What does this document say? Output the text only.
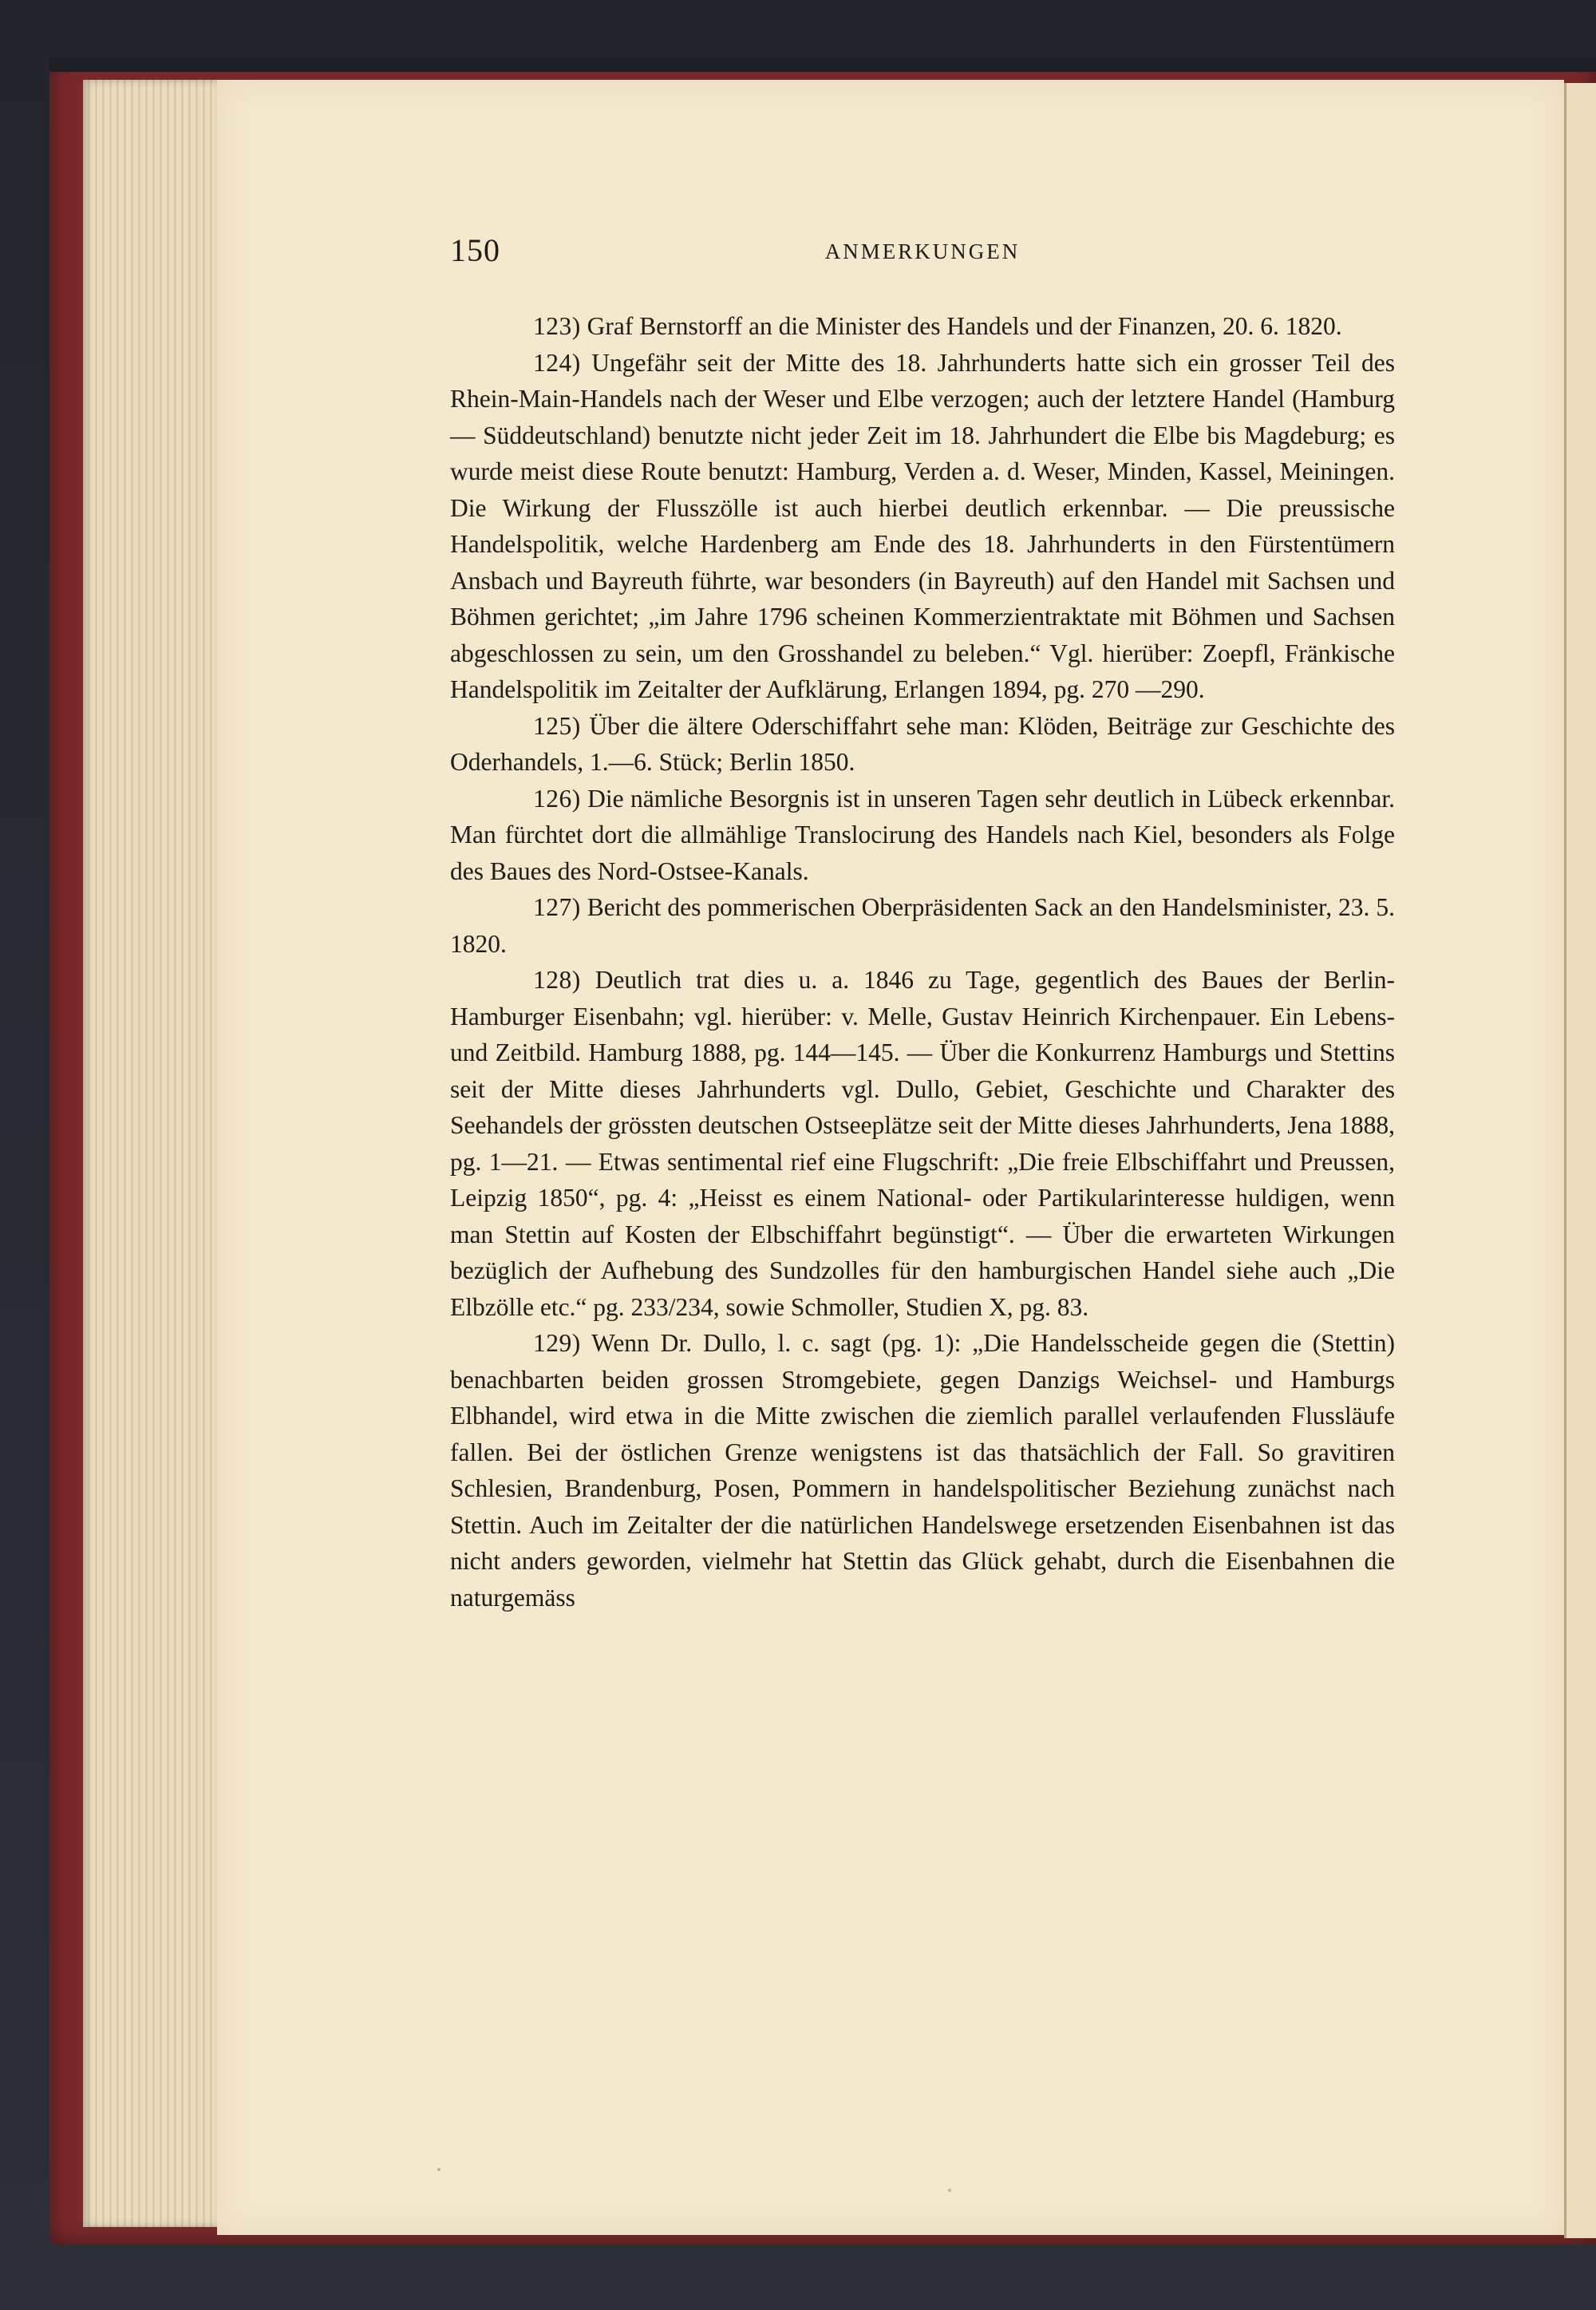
150	ANMERKUNGEN

123) Graf Bernstorff an die Minister des Handels und der Finanzen, 20. 6. 1820.

124) Ungefähr seit der Mitte des 18. Jahrhunderts hatte sich ein grosser Teil des Rhein-Main-Handels nach der Weser und Elbe verzogen; auch der letztere Handel (Hamburg — Süddeutschland) benutzte nicht jeder Zeit im 18. Jahrhundert die Elbe bis Magdeburg; es wurde meist diese Route benutzt: Hamburg, Verden a. d. Weser, Minden, Kassel, Meiningen. Die Wirkung der Flusszölle ist auch hierbei deutlich erkennbar. — Die preussische Handelspolitik, welche Hardenberg am Ende des 18. Jahrhunderts in den Fürstentümern Ansbach und Bayreuth führte, war besonders (in Bayreuth) auf den Handel mit Sachsen und Böhmen gerichtet; „im Jahre 1796 scheinen Kommerzientraktate mit Böhmen und Sachsen abgeschlossen zu sein, um den Grosshandel zu beleben.“ Vgl. hierüber: Zoepfl, Fränkische Handelspolitik im Zeitalter der Aufklärung, Erlangen 1894, pg. 270 —290.

125) Über die ältere Oderschiffahrt sehe man: Klöden, Beiträge zur Geschichte des Oderhandels, 1.—6. Stück; Berlin 1850.

126) Die nämliche Besorgnis ist in unseren Tagen sehr deutlich in Lübeck erkennbar. Man fürchtet dort die allmählige Translocirung des Handels nach Kiel, besonders als Folge des Baues des Nord-Ostsee-Kanals.

127) Bericht des pommerischen Oberpräsidenten Sack an den Handelsminister, 23. 5. 1820.

128) Deutlich trat dies u. a. 1846 zu Tage, gegentlich des Baues der Berlin-Hamburger Eisenbahn; vgl. hierüber: v. Melle, Gustav Heinrich Kirchenpauer. Ein Lebens- und Zeitbild. Hamburg 1888, pg. 144—145. — Über die Konkurrenz Hamburgs und Stettins seit der Mitte dieses Jahrhunderts vgl. Dullo, Gebiet, Geschichte und Charakter des Seehandels der grössten deutschen Ostseeplätze seit der Mitte dieses Jahrhunderts, Jena 1888, pg. 1—21. — Etwas sentimental rief eine Flugschrift: „Die freie Elbschiffahrt und Preussen, Leipzig 1850“, pg. 4: „Heisst es einem National- oder Partikularinteresse huldigen, wenn man Stettin auf Kosten der Elbschiffahrt begünstigt“. — Über die erwarteten Wirkungen bezüglich der Aufhebung des Sundzolles für den hamburgischen Handel siehe auch „Die Elbzölle etc.“ pg. 233/234, sowie Schmoller, Studien X, pg. 83.

129) Wenn Dr. Dullo, l. c. sagt (pg. 1): „Die Handelsscheide gegen die (Stettin) benachbarten beiden grossen Stromgebiete, gegen Danzigs Weichsel- und Hamburgs Elbhandel, wird etwa in die Mitte zwischen die ziemlich parallel verlaufenden Flussläufe fallen. Bei der östlichen Grenze wenigstens ist das thatsächlich der Fall. So gravitiren Schlesien, Brandenburg, Posen, Pommern in handelspolitischer Beziehung zunächst nach Stettin. Auch im Zeitalter der die natürlichen Handelswege ersetzenden Eisenbahnen ist das nicht anders geworden, vielmehr hat Stettin das Glück gehabt, durch die Eisenbahnen die naturgemäss
